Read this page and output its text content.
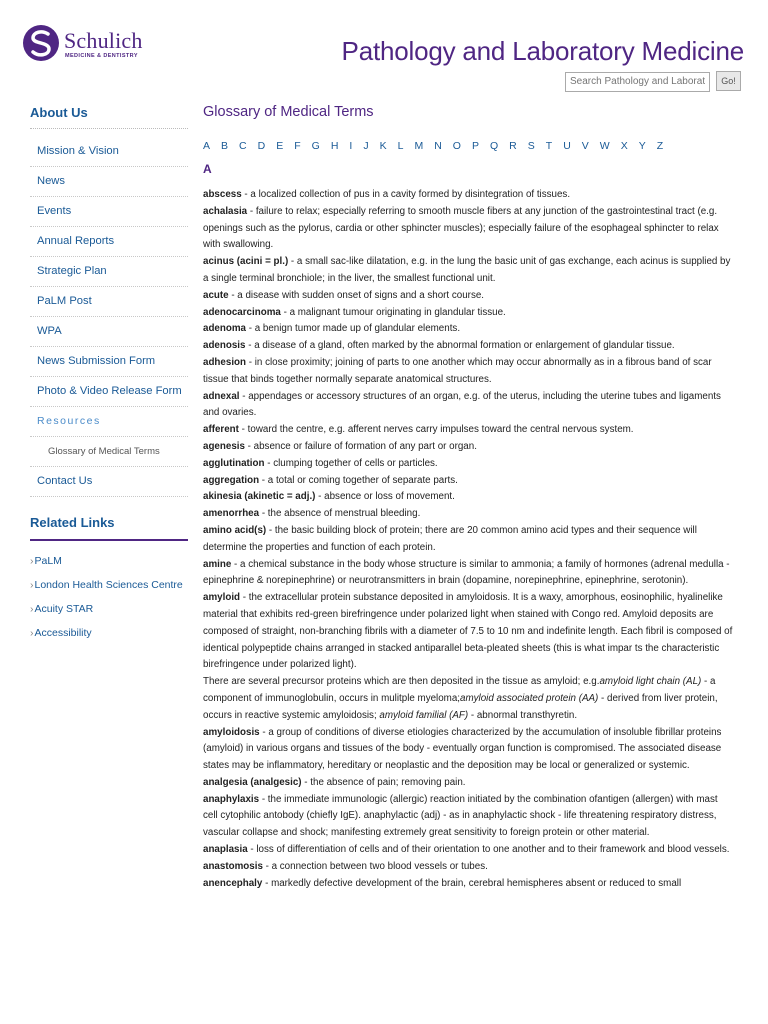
Schulich
MEDICINE & DENTISTRY	Pathology and Laboratory Medicine
Search Pathology and Laboratory Medicine
Go!
About Us
Mission & Vision
News
Events
Annual Reports
Strategic Plan
PaLM Post
WPA
News Submission Form
Photo & Video Release Form
Resources
Glossary of Medical Terms
Contact Us
Related Links
›PaLM
›London Health Sciences Centre
›Acuity STAR
›Accessibility
Glossary of Medical Terms
A B C D E F G H I J K L M N O P Q R S T U V W X Y Z
A

abscess - a localized collection of pus in a cavity formed by disintegration of tissues.

achalasia - failure to relax; especially referring to smooth muscle fibers at any junction of the gastrointestinal tract (e.g. openings such as the pylorus, cardia or other sphincter muscles); especially failure of the esophageal sphincter to relax with swallowing.

acinus (acini = pl.) - a small sac-like dilatation, e.g. in the lung the basic unit of gas exchange, each acinus is supplied by a single terminal bronchiole; in the liver, the smallest functional unit.

acute - a disease with sudden onset of signs and a short course.

adenocarcinoma - a malignant tumour originating in glandular tissue.

adenoma - a benign tumor made up of glandular elements.

adenosis - a disease of a gland, often marked by the abnormal formation or enlargement of glandular tissue.

adhesion - in close proximity; joining of parts to one another which may occur abnormally as in a fibrous band of scar tissue that binds together normally separate anatomical structures.

adnexal - appendages or accessory structures of an organ, e.g. of the uterus, including the uterine tubes and ligaments and ovaries.

afferent - toward the centre, e.g. afferent nerves carry impulses toward the central nervous system.

agenesis - absence or failure of formation of any part or organ.

agglutination - clumping together of cells or particles.

aggregation - a total or coming together of separate parts.

akinesia (akinetic = adj.) - absence or loss of movement.

amenorrhea - the absence of menstrual bleeding.

amino acid(s) - the basic building block of protein; there are 20 common amino acid types and their sequence will determine the properties and function of each protein.

amine - a chemical substance in the body whose structure is similar to ammonia; a family of hormones (adrenal medulla - epinephrine & norepinephrine) or neurotransmitters in brain (dopamine, norepinephrine, epinephrine, serotonin).

amyloid - the extracellular protein substance deposited in amyloidosis. It is a waxy, amorphous, eosinophilic, hyalinelike material that exhibits red-green birefringence under polarized light when stained with Congo red. Amyloid deposits are composed of straight, non-branching fibrils with a diameter of 7.5 to 10 nm and indefinite length. Each fibril is composed of identical polypeptide chains arranged in stacked antiparallel beta-pleated sheets (this is what impar ts the characteristic birefringence under polarized light).

There are several precursor proteins which are then deposited in the tissue as amyloid; e.g.amyloid light chain (AL) - a component of immunoglobulin, occurs in mulitple myeloma;amyloid associated protein (AA) - derived from liver protein, occurs in reactive systemic amyloidosis; amyloid familial (AF) - abnormal transthyretin.

amyloidosis - a group of conditions of diverse etiologies characterized by the accumulation of insoluble fibrillar proteins (amyloid) in various organs and tissues of the body - eventually organ function is compromised. The associated disease states may be inflammatory, hereditary or neoplastic and the deposition may be local or generalized or systemic.

analgesia (analgesic) - the absence of pain; removing pain.

anaphylaxis - the immediate immunologic (allergic) reaction initiated by the combination ofantigen (allergen) with mast cell cytophilic antobody (chiefly IgE). anaphylactic (adj) - as in anaphylactic shock - life threatening respiratory distress, vascular collapse and shock; manifesting extremely great sensitivity to foreign protein or other material.

anaplasia - loss of differentiation of cells and of their orientation to one another and to their framework and blood vessels.

anastomosis - a connection between two blood vessels or tubes.

anencephaly - markedly defective development of the brain, cerebral hemispheres absent or reduced to small
